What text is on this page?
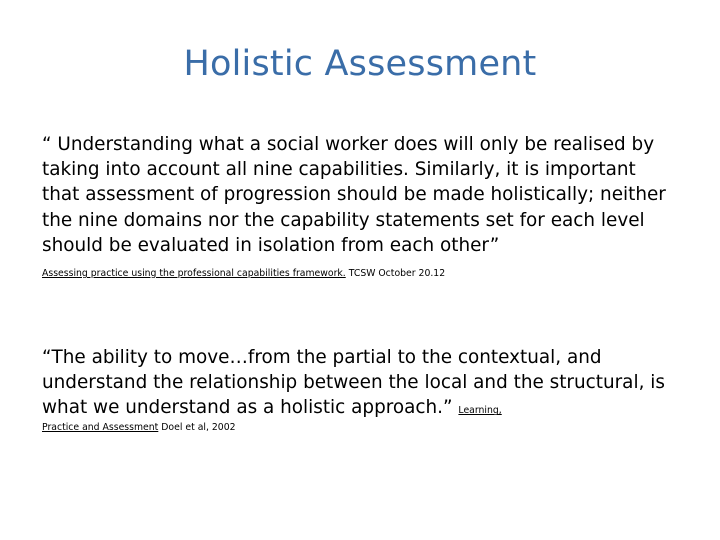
Holistic Assessment

“ Understanding what a social worker does will only be realised by taking into account all nine capabilities. Similarly, it is important that assessment of progression should be made holistically; neither the nine domains nor the capability statements set for each level should be evaluated in isolation from each other” Assessing practice using the professional capabilities framework. TCSW October 20.12

“The ability to move…from the partial to the contextual, and understand the relationship between the local and the structural, is what we understand as a holistic approach.” Learning,
Practice and Assessment Doel et al, 2002
